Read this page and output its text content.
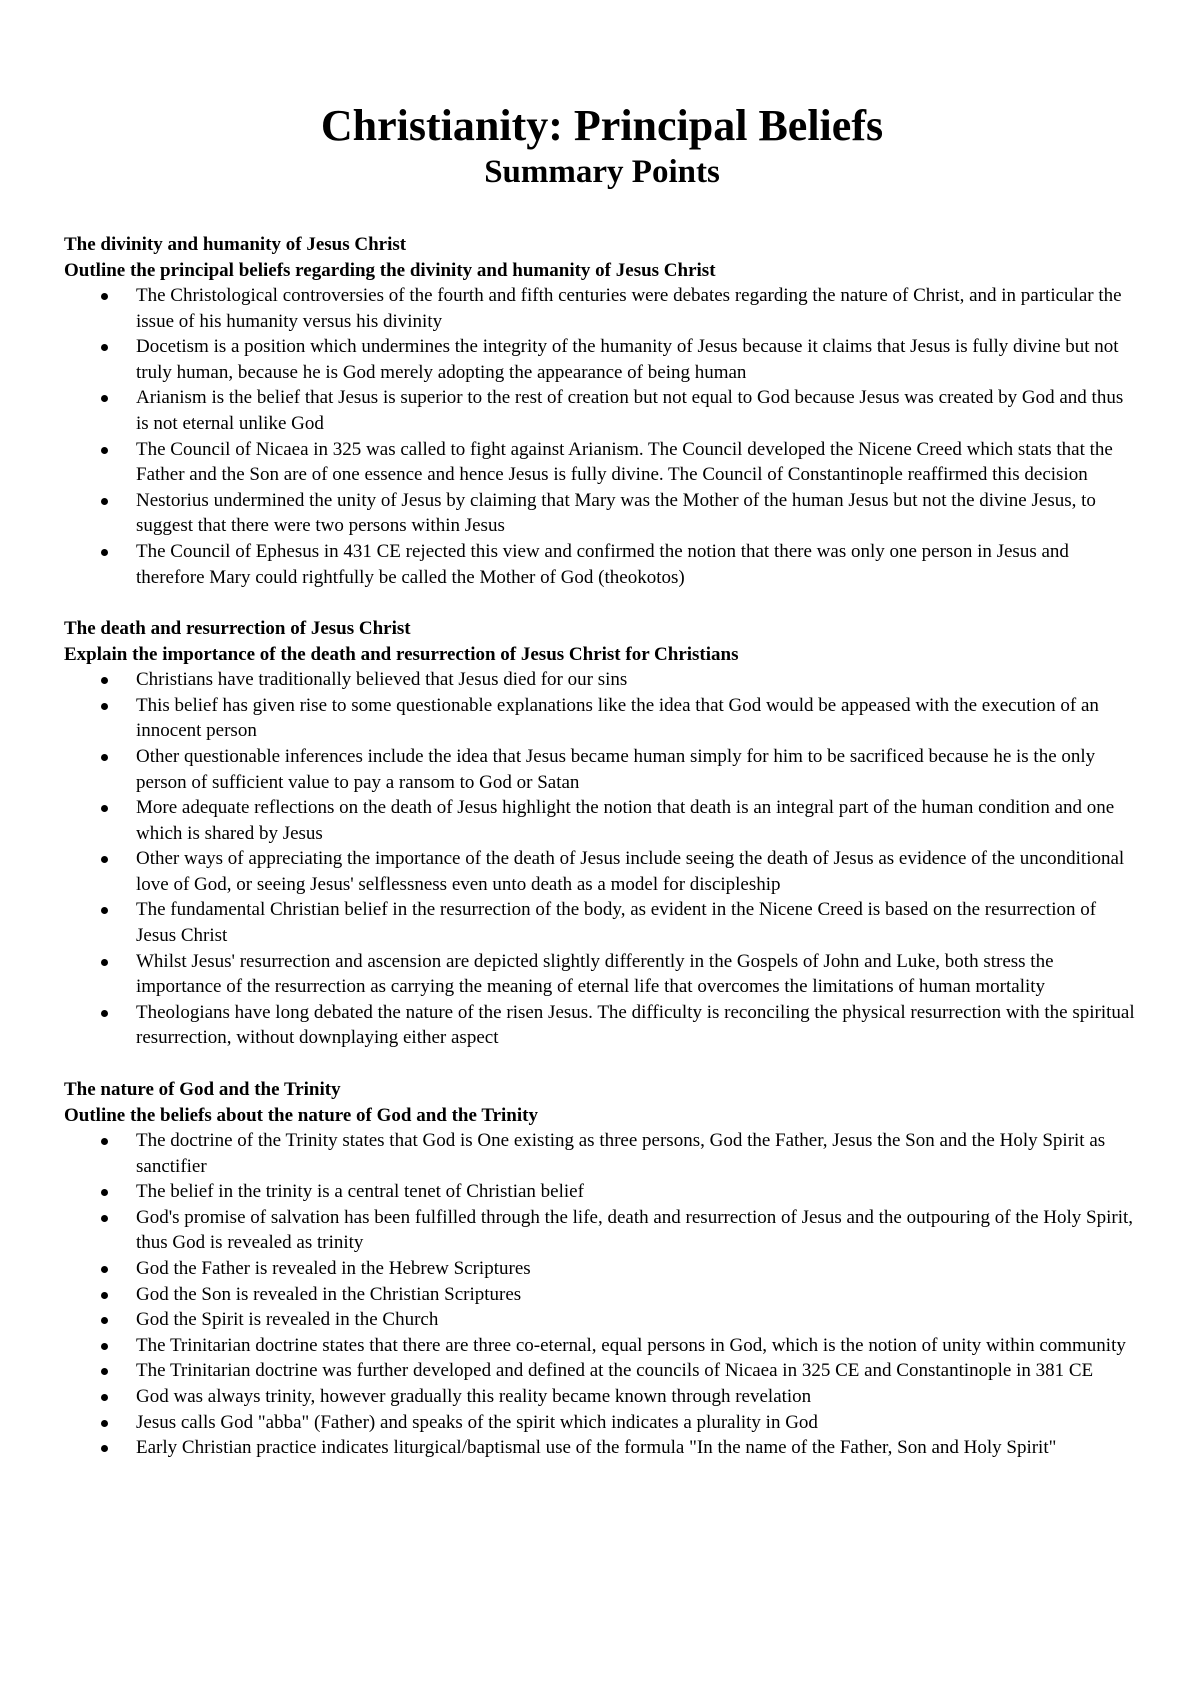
Christianity: Principal Beliefs
Summary Points
The divinity and humanity of Jesus Christ
Outline the principal beliefs regarding the divinity and humanity of Jesus Christ
The Christological controversies of the fourth and fifth centuries were debates regarding the nature of Christ, and in particular the issue of his humanity versus his divinity
Docetism is a position which undermines the integrity of the humanity of Jesus because it claims that Jesus is fully divine but not truly human, because he is God merely adopting the appearance of being human
Arianism is the belief that Jesus is superior to the rest of creation but not equal to God because Jesus was created by God and thus is not eternal unlike God
The Council of Nicaea in 325 was called to fight against Arianism. The Council developed the Nicene Creed which stats that the Father and the Son are of one essence and hence Jesus is fully divine. The Council of Constantinople reaffirmed this decision
Nestorius undermined the unity of Jesus by claiming that Mary was the Mother of the human Jesus but not the divine Jesus, to suggest that there were two persons within Jesus
The Council of Ephesus in 431 CE rejected this view and confirmed the notion that there was only one person in Jesus and therefore Mary could rightfully be called the Mother of God (theokotos)
The death and resurrection of Jesus Christ
Explain the importance of the death and resurrection of Jesus Christ for Christians
Christians have traditionally believed that Jesus died for our sins
This belief has given rise to some questionable explanations like the idea that God would be appeased with the execution of an innocent person
Other questionable inferences include the idea that Jesus became human simply for him to be sacrificed because he is the only person of sufficient value to pay a ransom to God or Satan
More adequate reflections on the death of Jesus highlight the notion that death is an integral part of the human condition and one which is shared by Jesus
Other ways of appreciating the importance of the death of Jesus include seeing the death of Jesus as evidence of the unconditional love of God, or seeing Jesus' selflessness even unto death as a model for discipleship
The fundamental Christian belief in the resurrection of the body, as evident in the Nicene Creed is based on the resurrection of Jesus Christ
Whilst Jesus' resurrection and ascension are depicted slightly differently in the Gospels of John and Luke, both stress the importance of the resurrection as carrying the meaning of eternal life that overcomes the limitations of human mortality
Theologians have long debated the nature of the risen Jesus. The difficulty is reconciling the physical resurrection with the spiritual resurrection, without downplaying either aspect
The nature of God and the Trinity
Outline the beliefs about the nature of God and the Trinity
The doctrine of the Trinity states that God is One existing as three persons, God the Father, Jesus the Son and the Holy Spirit as sanctifier
The belief in the trinity is a central tenet of Christian belief
God's promise of salvation has been fulfilled through the life, death and resurrection of Jesus and the outpouring of the Holy Spirit, thus God is revealed as trinity
God the Father is revealed in the Hebrew Scriptures
God the Son is revealed in the Christian Scriptures
God the Spirit is revealed in the Church
The Trinitarian doctrine states that there are three co-eternal, equal persons in God, which is the notion of unity within community
The Trinitarian doctrine was further developed and defined at the councils of Nicaea in 325 CE and Constantinople in 381 CE
God was always trinity, however gradually this reality became known through revelation
Jesus calls God "abba" (Father) and speaks of the spirit which indicates a plurality in God
Early Christian practice indicates liturgical/baptismal use of the formula "In the name of the Father, Son and Holy Spirit"
